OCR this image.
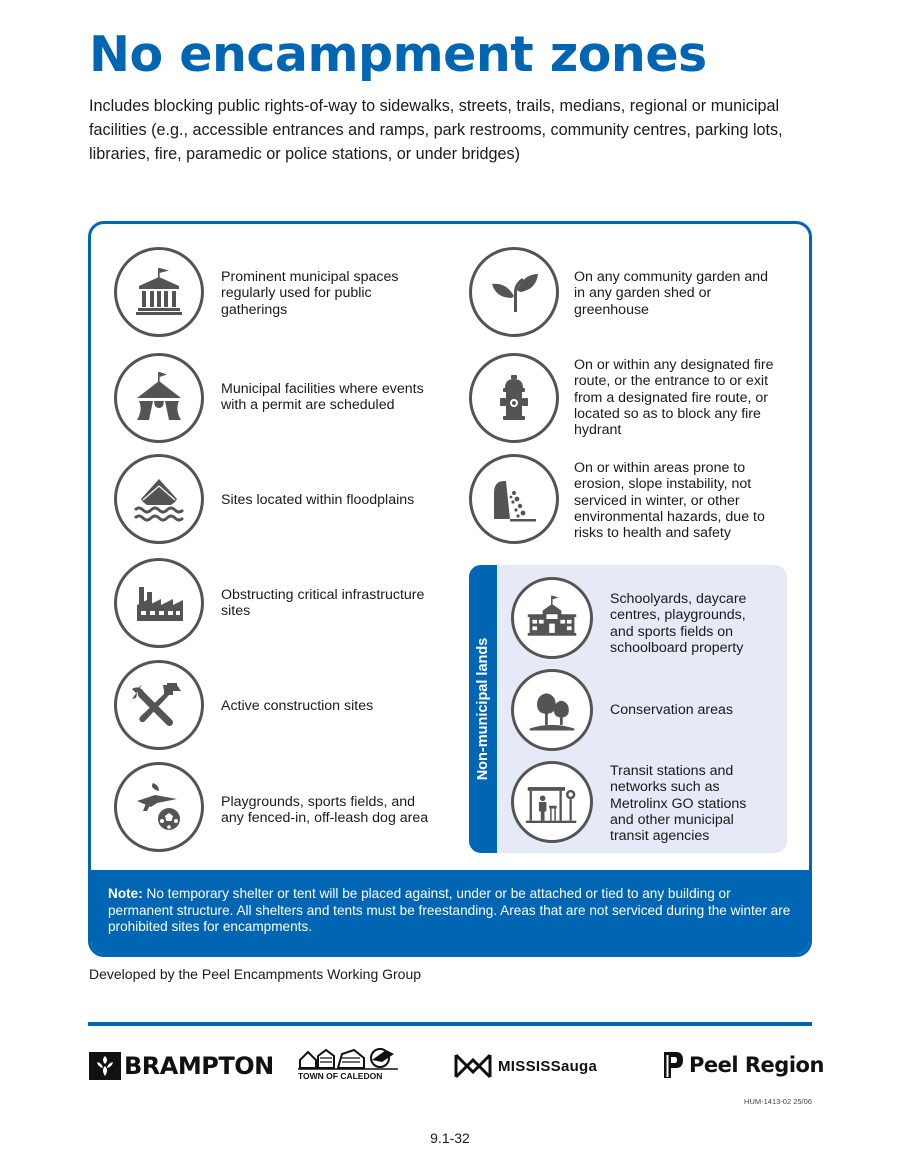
No encampment zones
Includes blocking public rights-of-way to sidewalks, streets, trails, medians, regional or municipal facilities (e.g., accessible entrances and ramps, park restrooms, community centres, parking lots, libraries, fire, paramedic or police stations, or under bridges)
Prominent municipal spaces regularly used for public gatherings
Municipal facilities where events with a permit are scheduled
Sites located within floodplains
Obstructing critical infrastructure sites
Active construction sites
Playgrounds, sports fields, and any fenced-in, off-leash dog area
On any community garden and in any garden shed or greenhouse
On or within any designated fire route, or the entrance to or exit from a designated fire route, or located so as to block any fire hydrant
On or within areas prone to erosion, slope instability, not serviced in winter, or other environmental hazards, due to risks to health and safety
Non-municipal lands
Schoolyards, daycare centres, playgrounds, and sports fields on schoolboard property
Conservation areas
Transit stations and networks such as Metrolinx GO stations and other municipal transit agencies
Note: No temporary shelter or tent will be placed against, under or be attached or tied to any building or permanent structure. All shelters and tents must be freestanding. Areas that are not serviced during the winter are prohibited sites for encampments.
Developed by the Peel Encampments Working Group
BRAMPTON	TOWN OF CALEDON
MISSISSauga	Peel Region
HUM-1413-02 25/06
9.1-32
